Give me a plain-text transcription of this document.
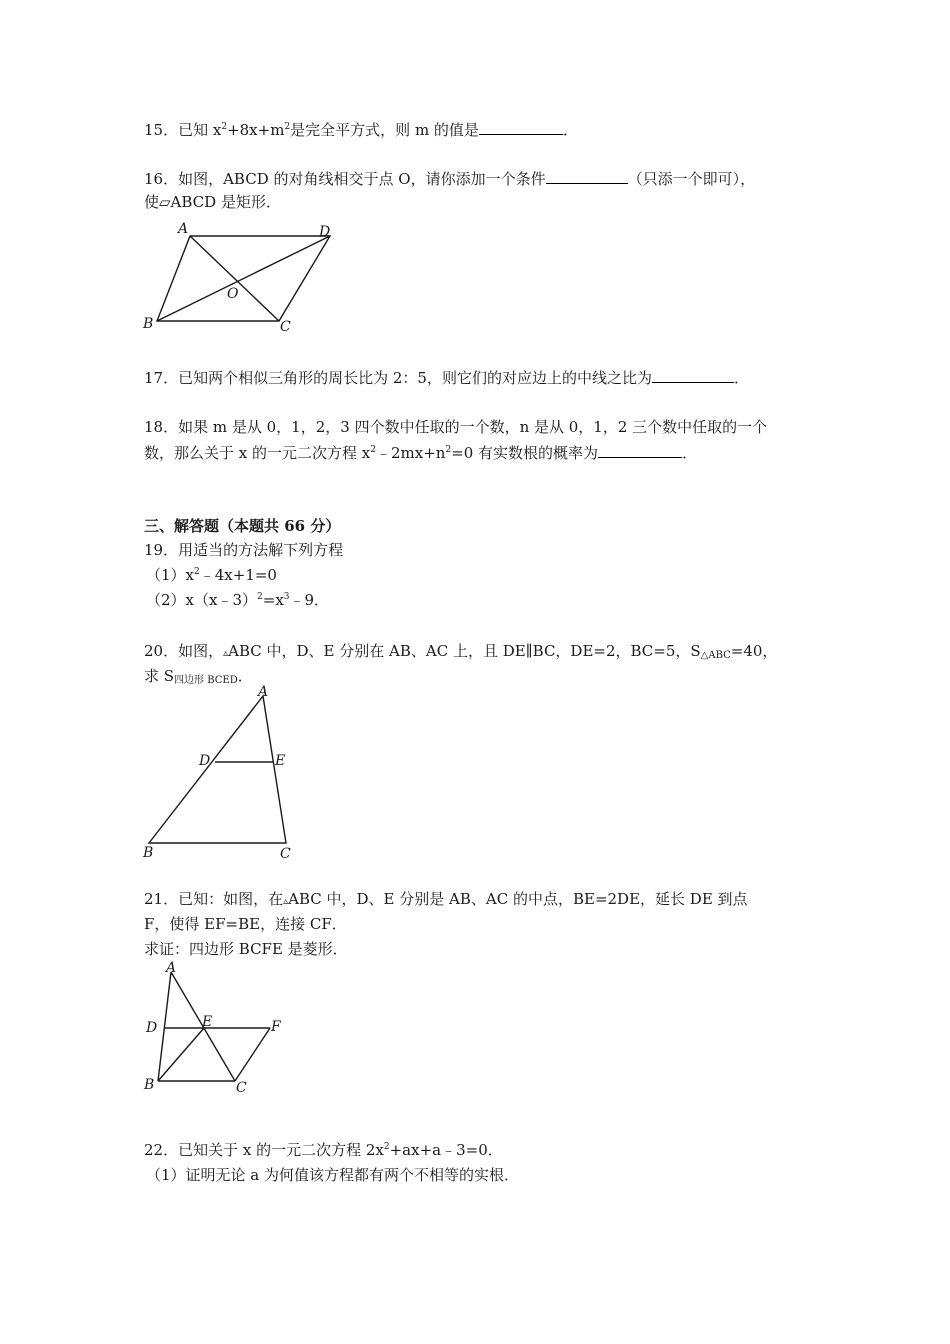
15．已知 $x^2+8x+m^2$是完全平方式，则 m 的值是	．
16．如图，ABCD 的对角线相交于点 O，请你添加一个条件	（只添一个即可），
使▱ABCD 是矩形．
A	D
O
B	C
17．已知两个相似三角形的周长比为 2：5，则它们的对应边上的中线之比为	．
18．如果 m 是从 0，1，2，3 四个数中任取的一个数，n 是从 0，1，2 三个数中任取的一个
数，那么关于 x 的一元二次方程 $x^2﹣2mx+n^2=0$ 有实数根的概率为	．
三、解答题（本题共 66 分）
19．用适当的方法解下列方程
$(1)x^2﹣4x+1=0$
$(2)x(x﹣3)^2=x^3﹣9$．
20．如图，▵ABC 中，D、E 分别在 AB、AC 上，且 DE∥BC，DE=2，BC=5，$S_{\triangle ABC}=40$，
求 $S_{四边形 BCED}$．
A
D	E
B	C
21．已知：如图，在▵ABC 中，D、E 分别是 AB、AC 的中点，BE=2DE，延长 DE 到点
F，使得 EF=BE，连接 CF．
求证：四边形 BCFE 是菱形．
A
D	E	F
B	C
22．已知关于 x 的一元二次方程 $2x^2+ax+a﹣3=0$．
（1）证明无论 a 为何值该方程都有两个不相等的实根．
